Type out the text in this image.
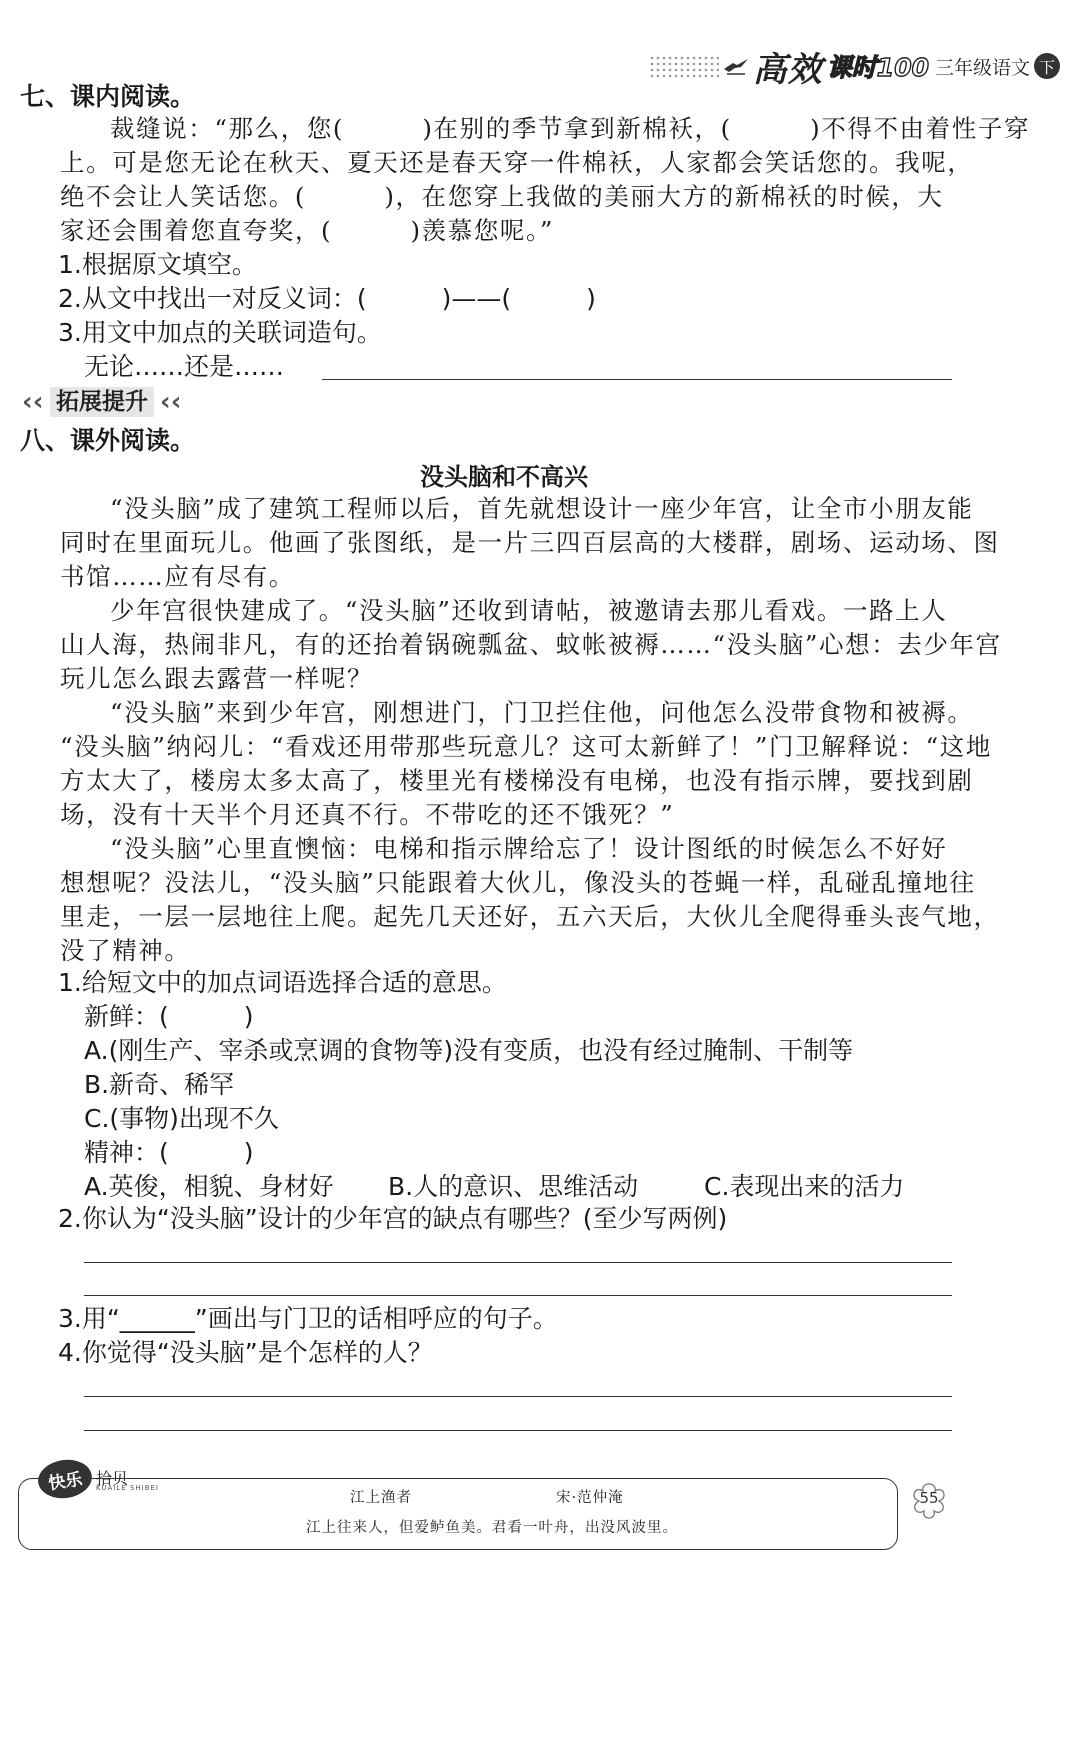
高效 课时100 三年级语文 下
七、课内阅读。
裁缝说：“那么，您(　　　)在别的季节拿到新棉袄，(　　　)不得不由着性子穿
上。可是您无论在秋天、夏天还是春天穿一件棉袄，人家都会笑话您的。我呢，
绝不会让人笑话您。(　　　)，在您穿上我做的美丽大方的新棉袄的时候，大
家还会围着您直夸奖，(　　　)羡慕您呢。”
1.根据原文填空。
2.从文中找出一对反义词：(　　　)——(　　　)
3.用文中加点的关联词造句。
无论……还是……
‹‹ 拓展提升 ‹‹
八、课外阅读。
没头脑和不高兴
“没头脑”成了建筑工程师以后，首先就想设计一座少年宫，让全市小朋友能
同时在里面玩儿。他画了张图纸，是一片三四百层高的大楼群，剧场、运动场、图
书馆……应有尽有。
少年宫很快建成了。“没头脑”还收到请帖，被邀请去那儿看戏。一路上人
山人海，热闹非凡，有的还抬着锅碗瓢盆、蚊帐被褥……“没头脑”心想：去少年宫
玩儿怎么跟去露营一样呢？
“没头脑”来到少年宫，刚想进门，门卫拦住他，问他怎么没带食物和被褥。
“没头脑”纳闷儿：“看戏还用带那些玩意儿？这可太新鲜了！”门卫解释说：“这地
方太大了，楼房太多太高了，楼里光有楼梯没有电梯，也没有指示牌，要找到剧
场，没有十天半个月还真不行。不带吃的还不饿死？”
“没头脑”心里直懊恼：电梯和指示牌给忘了！设计图纸的时候怎么不好好
想想呢？没法儿，“没头脑”只能跟着大伙儿，像没头的苍蝇一样，乱碰乱撞地往
里走，一层一层地往上爬。起先几天还好，五六天后，大伙儿全爬得垂头丧气地，
没了精神。
1.给短文中的加点词语选择合适的意思。
新鲜：(　　　)
A.(刚生产、宰杀或烹调的食物等)没有变质，也没有经过腌制、干制等
B.新奇、稀罕
C.(事物)出现不久
精神：(　　　)
A.英俊，相貌、身材好 B.人的意识、思维活动	C.表现出来的活力
2.你认为“没头脑”设计的少年宫的缺点有哪些？(至少写两例)
3.用“______”画出与门卫的话相呼应的句子。
4.你觉得“没头脑”是个怎样的人？
快乐 拾贝
KUAILE SHIBEI
江上渔者	宋·范仲淹
江上往来人，但爱鲈鱼美。君看一叶舟，出没风波里。
55
